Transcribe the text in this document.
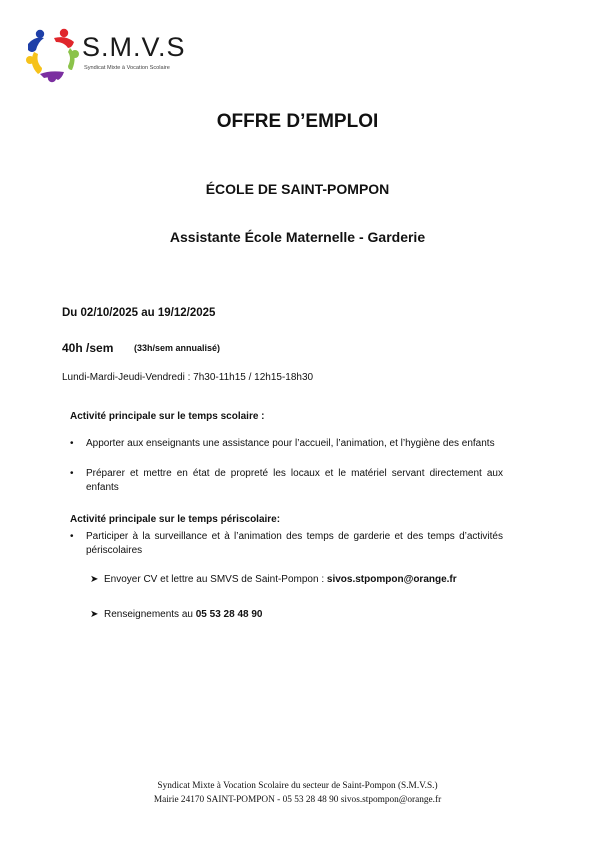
S.M.V.S
Syndicat Mixte à Vocation Scolaire
OFFRE D’EMPLOI
ÉCOLE DE SAINT-POMPON
Assistante École Maternelle - Garderie
Du 02/10/2025 au 19/12/2025
40h /sem (33h/sem annualisé)
Lundi-Mardi-Jeudi-Vendredi : 7h30-11h15 / 12h15-18h30
Activité principale sur le temps scolaire :
• Apporter aux enseignants une assistance pour l’accueil, l’animation, et l’hygiène des enfants
• Préparer et mettre en état de propreté les locaux et le matériel servant directement aux enfants
Activité principale sur le temps périscolaire:
• Participer à la surveillance et à l’animation des temps de garderie et des temps d’activités périscolaires
➤ Envoyer CV et lettre au SMVS de Saint-Pompon : sivos.stpompon@orange.fr
➤ Renseignements au 05 53 28 48 90
Syndicat Mixte à Vocation Scolaire du secteur de Saint-Pompon (S.M.V.S.)
Mairie 24170 SAINT-POMPON - 05 53 28 48 90 sivos.stpompon@orange.fr
